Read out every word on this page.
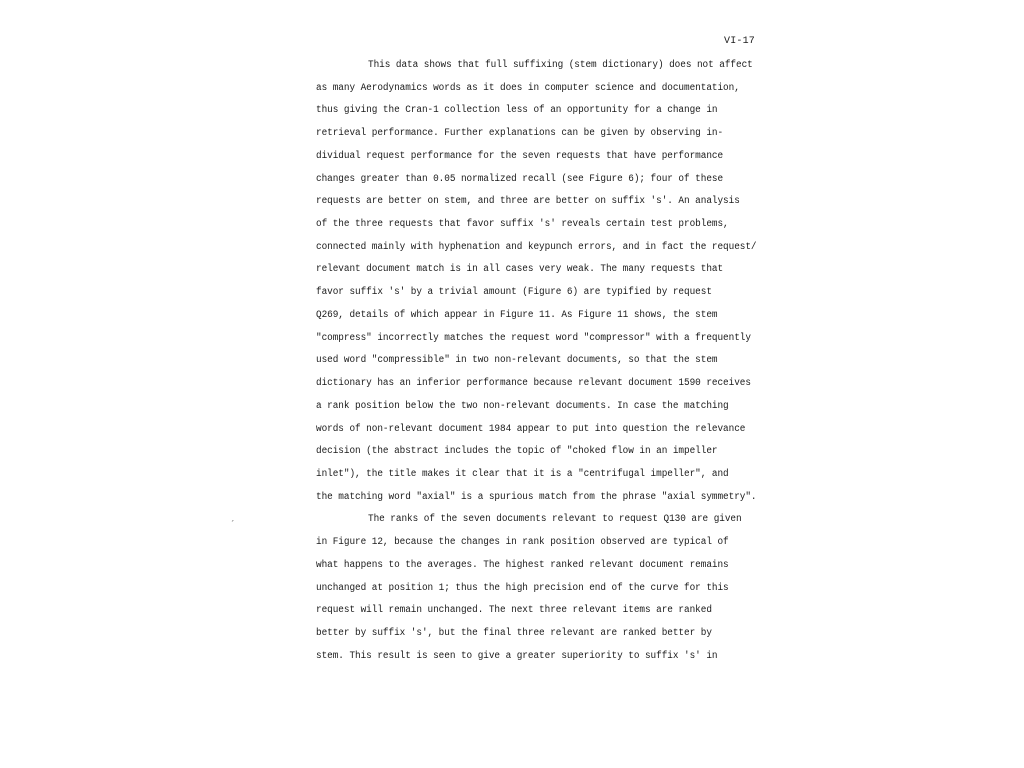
VI-17
´
This data shows that full suffixing (stem dictionary) does not affect
as many Aerodynamics words as it does in computer science and documentation,
thus giving the Cran-1 collection less of an opportunity for a change in
retrieval performance. Further explanations can be given by observing in-
dividual request performance for the seven requests that have performance
changes greater than 0.05 normalized recall (see Figure 6); four of these
requests are better on stem, and three are better on suffix 's'. An analysis
of the three requests that favor suffix 's' reveals certain test problems,
connected mainly with hyphenation and keypunch errors, and in fact the request/
relevant document match is in all cases very weak. The many requests that
favor suffix 's' by a trivial amount (Figure 6) are typified by request
Q269, details of which appear in Figure 11. As Figure 11 shows, the stem
"compress" incorrectly matches the request word "compressor" with a frequently
used word "compressible" in two non-relevant documents, so that the stem
dictionary has an inferior performance because relevant document 1590 receives
a rank position below the two non-relevant documents. In case the matching
words of non-relevant document 1984 appear to put into question the relevance
decision (the abstract includes the topic of "choked flow in an impeller
inlet"), the title makes it clear that it is a "centrifugal impeller", and
the matching word "axial" is a spurious match from the phrase "axial symmetry".
The ranks of the seven documents relevant to request Q130 are given
in Figure 12, because the changes in rank position observed are typical of
what happens to the averages. The highest ranked relevant document remains
unchanged at position 1; thus the high precision end of the curve for this
request will remain unchanged. The next three relevant items are ranked
better by suffix 's', but the final three relevant are ranked better by
stem. This result is seen to give a greater superiority to suffix 's' in
